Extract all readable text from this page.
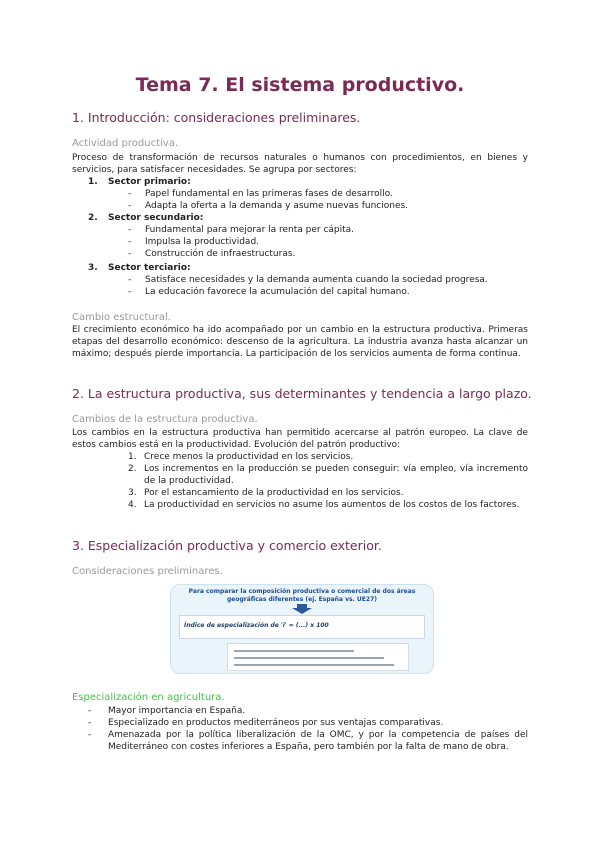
Tema 7. El sistema productivo.
1. Introducción: consideraciones preliminares.
Actividad productiva.
Proceso de transformación de recursos naturales o humanos con procedimientos, en bienes y servicios, para satisfacer necesidades. Se agrupa por sectores:
1. Sector primario:
- Papel fundamental en las primeras fases de desarrollo.
- Adapta la oferta a la demanda y asume nuevas funciones.
2. Sector secundario:
- Fundamental para mejorar la renta per cápita.
- Impulsa la productividad.
- Construcción de infraestructuras.
3. Sector terciario:
- Satisface necesidades y la demanda aumenta cuando la sociedad progresa.
- La educación favorece la acumulación del capital humano.
Cambio estructural.
El crecimiento económico ha ido acompañado por un cambio en la estructura productiva. Primeras etapas del desarrollo económico: descenso de la agricultura. La industria avanza hasta alcanzar un máximo; después pierde importancia. La participación de los servicios aumenta de forma continua.
2. La estructura productiva, sus determinantes y tendencia a largo plazo.
Cambios de la estructura productiva.
Los cambios en la estructura productiva han permitido acercarse al patrón europeo. La clave de estos cambios está en la productividad. Evolución del patrón productivo:
1. Crece menos la productividad en los servicios.
2. Los incrementos en la producción se pueden conseguir: vía empleo, vía incremento de la productividad.
3. Por el estancamiento de la productividad en los servicios.
4. La productividad en servicios no asume los aumentos de los costos de los factores.
3. Especialización productiva y comercio exterior.
Consideraciones preliminares.
Para comparar la composición productiva o comercial de dos áreas geográficas diferentes (ej. España vs. UE27)
Índice de especialización de 'i' = (...) x 100
Especialización en agricultura.
- Mayor importancia en España.
- Especializado en productos mediterráneos por sus ventajas comparativas.
- Amenazada por la política liberalización de la OMC, y por la competencia de países del Mediterráneo con costes inferiores a España, pero también por la falta de mano de obra.
